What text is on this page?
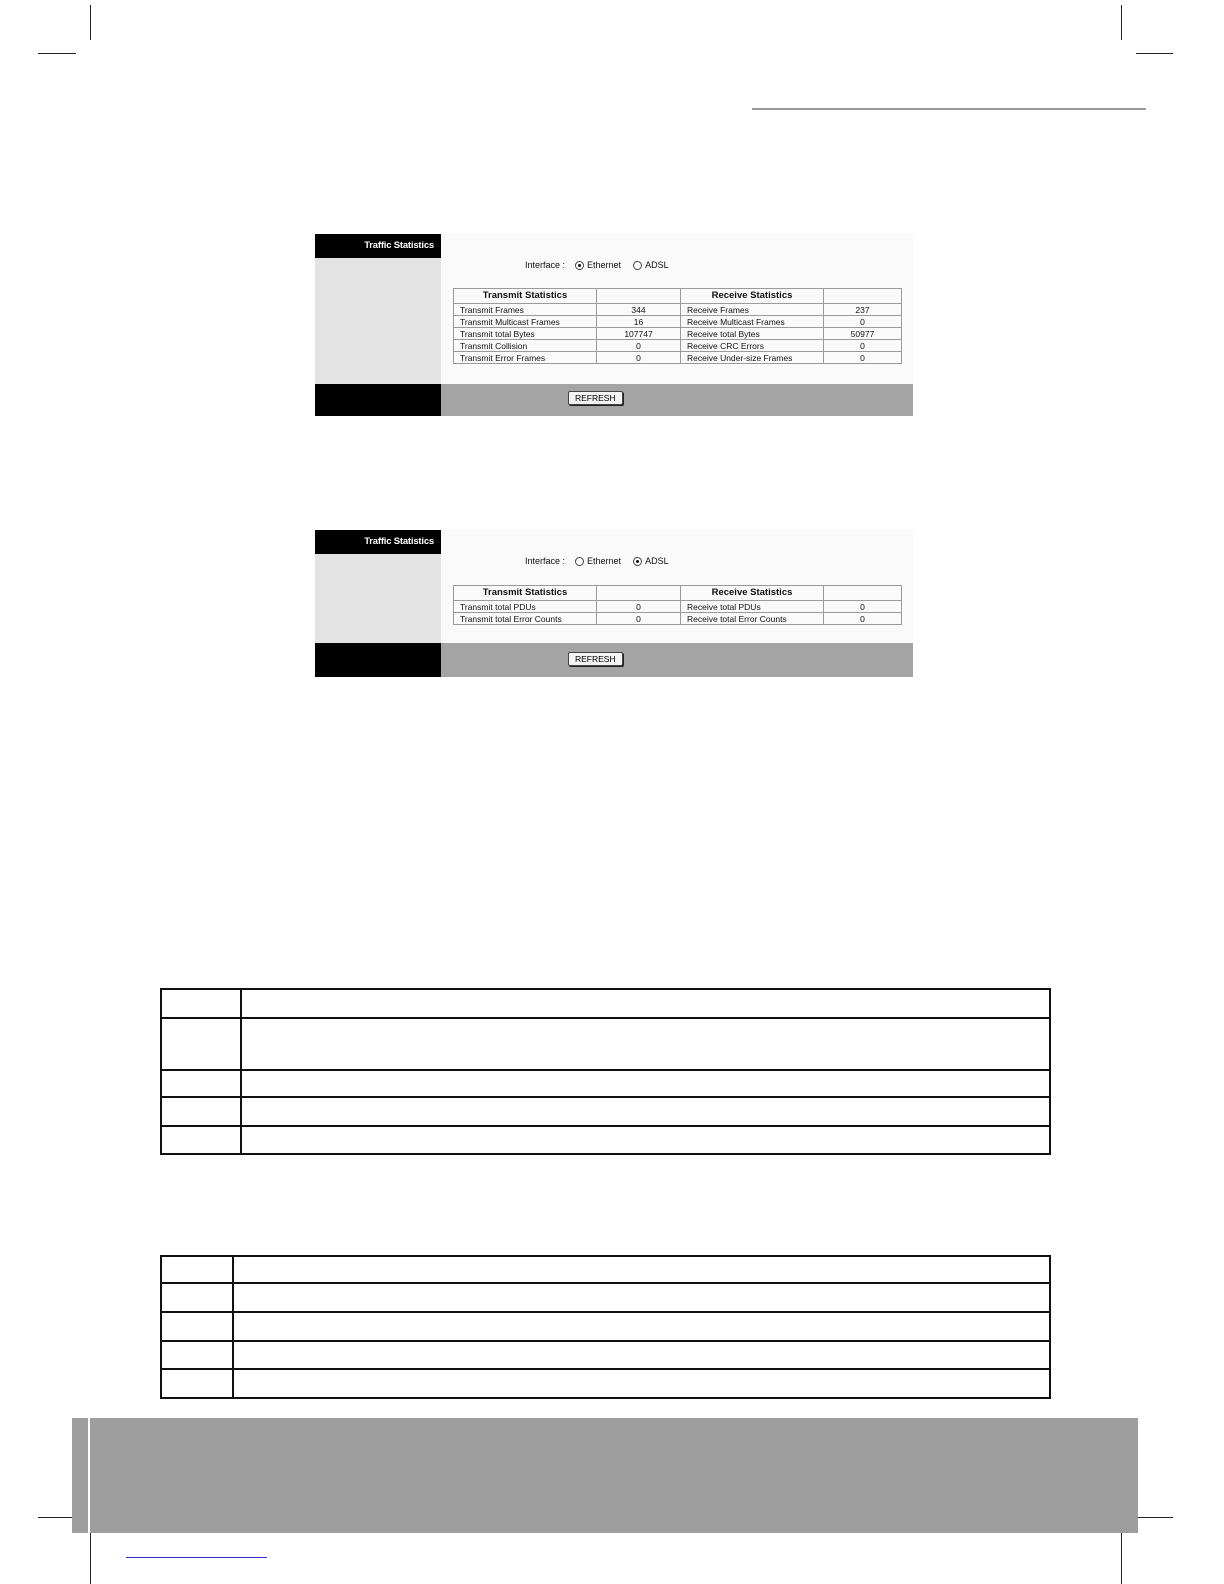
Traffic Statistics
Interface : Ethernet	ADSL
Transmit Statistics		Receive Statistics	
Transmit Frames	344	Receive Frames	237
Transmit Multicast Frames	16	Receive Multicast Frames	0
Transmit total Bytes	107747	Receive total Bytes	50977
Transmit Collision	0	Receive CRC Errors	0
Transmit Error Frames	0	Receive Under-size Frames	0
REFRESH
Traffic Statistics
Interface : Ethernet	ADSL
Transmit Statistics		Receive Statistics	
Transmit total PDUs	0	Receive total PDUs	0
Transmit total Error Counts	0	Receive total Error Counts	0
REFRESH
